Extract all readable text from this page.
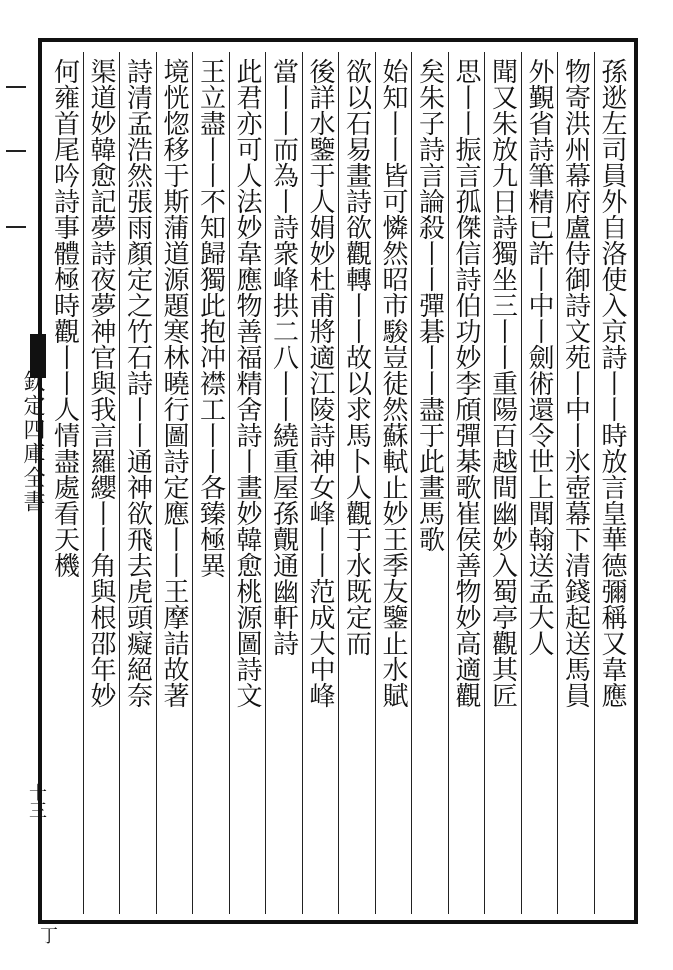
欽定四庫全書
十三
孫逖左司員外自洛使入京詩丨丨時放言皇華德彌稱又韋應
物寄洪州幕府盧侍御詩文苑丨中丨氷壺幕下清錢起送馬員
外覲省詩筆精已許丨中丨劍術還令世上聞翰送孟大人
聞又朱放九日詩獨坐三丨丨重陽百越間幽妙入蜀亭觀其匠
思丨丨振言孤傑信詩伯功妙李頎彈棊歌崔侯善物妙高適觀
矣朱子詩言論殺丨丨彈碁丨丨盡于此畫馬歌
始知丨丨皆可憐然昭市駿豈徒然蘇軾止妙王季友鑒止水賦
欲以石易畫詩欲觀轉丨丨故以求馬卜人觀于水既定而
後詳水鑒于人娟妙杜甫將適江陵詩神女峰丨丨范成大中峰
當丨丨而為丨詩衆峰拱二八丨丨繞重屋孫覿通幽軒詩
此君亦可人法妙韋應物善福精舍詩丨畫妙韓愈桃源圖詩文
王立盡丨丨不知歸獨此抱冲襟工丨丨各臻極異
境恍惚移于斯蒲道源題寒林曉行圖詩定應丨丨王摩詰故著
詩清孟浩然張雨顏定之竹石詩丨丨通神欲飛去虎頭癡絕奈
渠道妙韓愈記夢詩夜夢神官與我言羅纓丨丨角與根邵年妙
何雍首尾吟詩事體極時觀丨丨人情盡處看天機
丁
